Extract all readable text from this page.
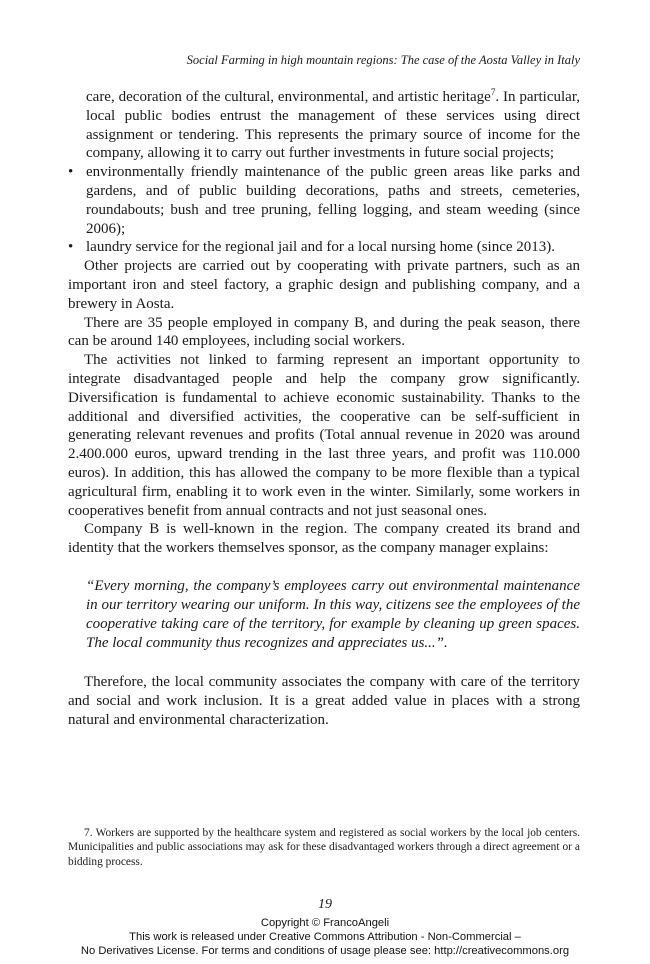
Social Farming in high mountain regions: The case of the Aosta Valley in Italy

care, decoration of the cultural, environmental, and artistic heritage$^7$. In particular, local public bodies entrust the management of these services using direct assignment or tendering. This represents the primary source of income for the company, allowing it to carry out further investments in future social projects;

• environmentally friendly maintenance of the public green areas like parks and gardens, and of public building decorations, paths and streets, cemeteries, roundabouts; bush and tree pruning, felling logging, and steam weeding (since 2006);
• laundry service for the regional jail and for a local nursing home (since 2013).

Other projects are carried out by cooperating with private partners, such as an important iron and steel factory, a graphic design and publishing company, and a brewery in Aosta.

There are 35 people employed in company B, and during the peak season, there can be around 140 employees, including social workers.

The activities not linked to farming represent an important opportunity to integrate disadvantaged people and help the company grow significantly. Diversification is fundamental to achieve economic sustainability. Thanks to the additional and diversified activities, the cooperative can be self-sufficient in generating relevant revenues and profits (Total annual revenue in 2020 was around 2.400.000 euros, upward trending in the last three years, and profit was 110.000 euros). In addition, this has allowed the company to be more flexible than a typical agricultural firm, enabling it to work even in the winter. Similarly, some workers in cooperatives benefit from annual contracts and not just seasonal ones.

Company B is well-known in the region. The company created its brand and identity that the workers themselves sponsor, as the company manager explains:

“Every morning, the company’s employees carry out environmental maintenance in our territory wearing our uniform. In this way, citizens see the employees of the cooperative taking care of the territory, for example by cleaning up green spaces. The local community thus recognizes and appreciates us...”.

Therefore, the local community associates the company with care of the territory and social and work inclusion. It is a great added value in places with a strong natural and environmental characterization.

7. Workers are supported by the healthcare system and registered as social workers by the local job centers. Municipalities and public associations may ask for these disadvantaged workers through a direct agreement or a bidding process.

19
Copyright © FrancoAngeli
This work is released under Creative Commons Attribution - Non-Commercial –
No Derivatives License. For terms and conditions of usage please see: http://creativecommons.org
